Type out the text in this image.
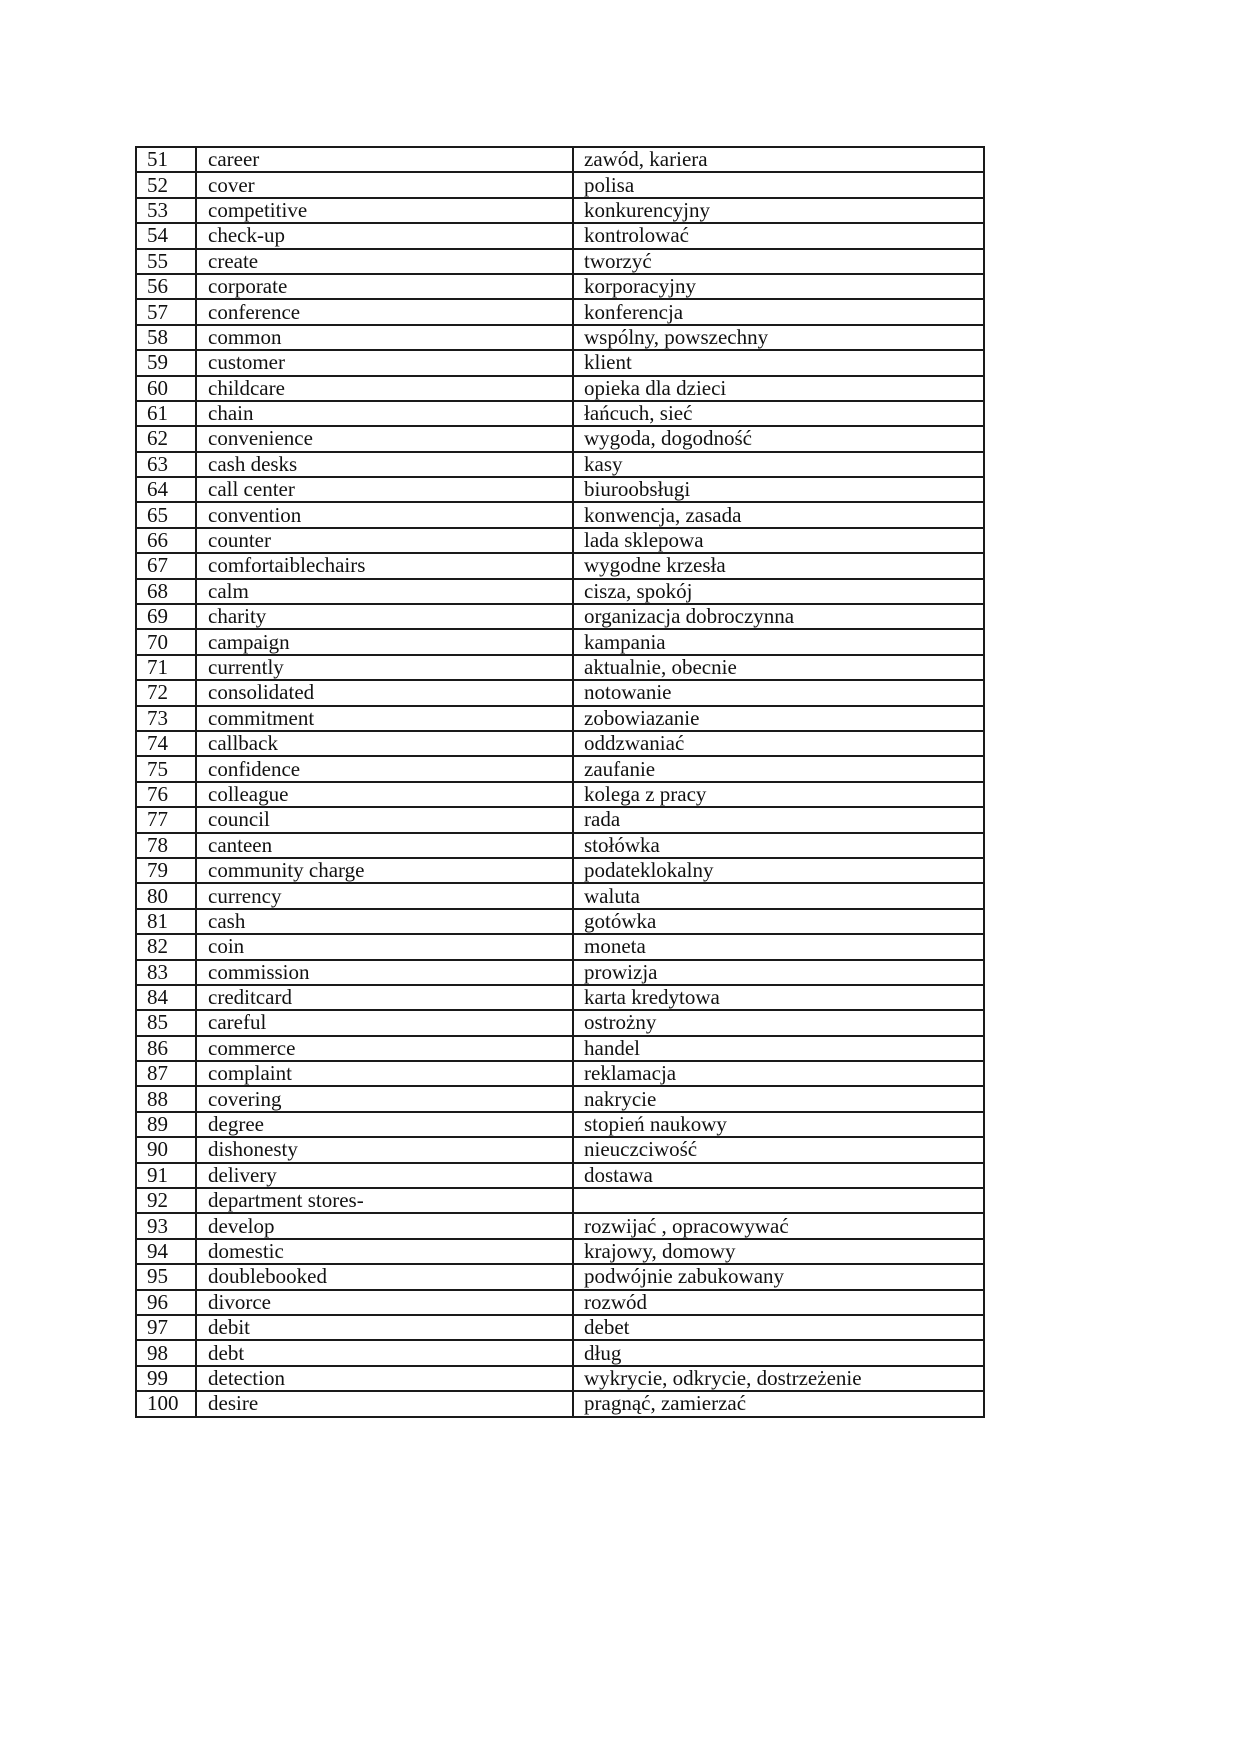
51	career	zawód, kariera
52	cover	polisa
53	competitive	konkurencyjny
54	check-up	kontrolować
55	create	tworzyć
56	corporate	korporacyjny
57	conference	konferencja
58	common	wspólny, powszechny
59	customer	klient
60	childcare	opieka dla dzieci
61	chain	łańcuch, sieć
62	convenience	wygoda, dogodność
63	cash desks	kasy
64	call center	biuroobsługi
65	convention	konwencja, zasada
66	counter	lada sklepowa
67	comfortaiblechairs	wygodne krzesła
68	calm	cisza, spokój
69	charity	organizacja dobroczynna
70	campaign	kampania
71	currently	aktualnie, obecnie
72	consolidated	notowanie
73	commitment	zobowiazanie
74	callback	oddzwaniać
75	confidence	zaufanie
76	colleague	kolega z pracy
77	council	rada
78	canteen	stołówka
79	community charge	podateklokalny
80	currency	waluta
81	cash	gotówka
82	coin	moneta
83	commission	prowizja
84	creditcard	karta kredytowa
85	careful	ostrożny
86	commerce	handel
87	complaint	reklamacja
88	covering	nakrycie
89	degree	stopień naukowy
90	dishonesty	nieuczciwość
91	delivery	dostawa
92	department stores-	
93	develop	rozwijać , opracowywać
94	domestic	krajowy, domowy
95	doublebooked	podwójnie zabukowany
96	divorce	rozwód
97	debit	debet
98	debt	dług
99	detection	wykrycie, odkrycie, dostrzeżenie
100	desire	pragnąć, zamierzać
